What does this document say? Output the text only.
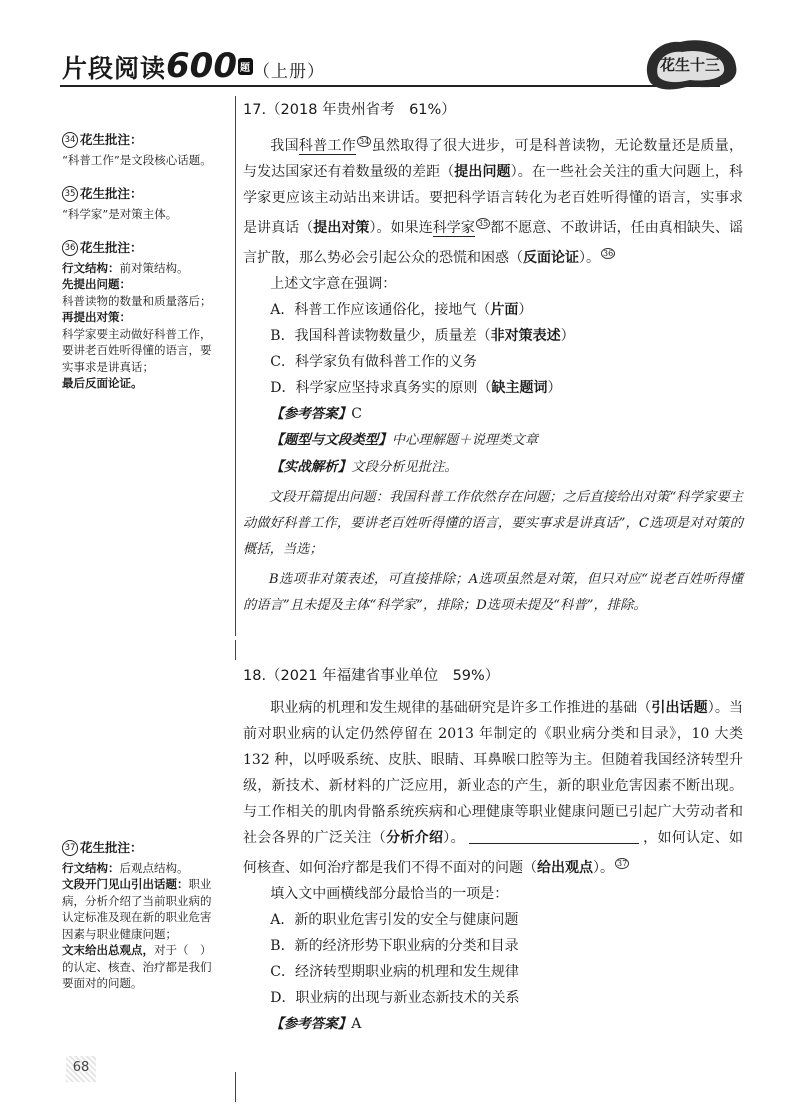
片段阅读600 题 （上册）	花生十三
34 花生批注：

“科普工作”是文段核心话题。

35 花生批注：

“科学家”是对策主体。

36 花生批注：

行文结构：前对策结构。

先提出问题：

科普读物的数量和质量落后；

再提出对策：

科学家要主动做好科普工作，要讲老百姓听得懂的语言，要实事求是讲真话；

最后反面论证。

37 花生批注：

行文结构：后观点结构。

文段开门见山引出话题：职业病，分析介绍了当前职业病的认定标准及现在新的职业危害因素与职业健康问题；

文末给出总观点，对于（　）的认定、核查、治疗都是我们要面对的问题。

17.（2018 年贵州省考　61%）

我国科普工作 $^{34}$ 虽然取得了很大进步，可是科普读物，无论数量还是质量，与发达国家还有着数量级的差距（提出问题）。在一些社会关注的重大问题上，科学家更应该主动站出来讲话。要把科学语言转化为老百姓听得懂的语言，实事求是讲真话（提出对策）。如果连科学家 $^{35}$ 都不愿意、不敢讲话，任由真相缺失、谣言扩散，那么势必会引起公众的恐慌和困惑（反面论证）。 $^{36}$

上述文字意在强调：

A．科普工作应该通俗化，接地气（片面）

B．我国科普读物数量少，质量差（非对策表述）

C．科学家负有做科普工作的义务

D．科学家应坚持求真务实的原则（缺主题词）

【参考答案】C

【题型与文段类型】中心理解题＋说理类文章

【实战解析】文段分析见批注。

文段开篇提出问题：我国科普工作依然存在问题；之后直接给出对策“科学家要主动做好科普工作，要讲老百姓听得懂的语言，要实事求是讲真话”，C选项是对对策的概括，当选；

B选项非对策表述，可直接排除；A选项虽然是对策，但只对应“说老百姓听得懂的语言”且未提及主体“科学家”，排除；D选项未提及“科普”，排除。

18.（2021 年福建省事业单位　59%）

职业病的机理和发生规律的基础研究是许多工作推进的基础（引出话题）。当前对职业病的认定仍然停留在 2013 年制定的《职业病分类和目录》，10 大类 132 种，以呼吸系统、皮肤、眼睛、耳鼻喉口腔等为主。但随着我国经济转型升级，新技术、新材料的广泛应用，新业态的产生，新的职业危害因素不断出现。与工作相关的肌肉骨骼系统疾病和心理健康等职业健康问题已引起广大劳动者和社会各界的广泛关注（分析介绍）。	，如何认定、如何核查、如何治疗都是我们不得不面对的问题（给出观点）。 $^{37}$

填入文中画横线部分最恰当的一项是：

A．新的职业危害引发的安全与健康问题

B．新的经济形势下职业病的分类和目录

C．经济转型期职业病的机理和发生规律

D．职业病的出现与新业态新技术的关系

【参考答案】A

68
